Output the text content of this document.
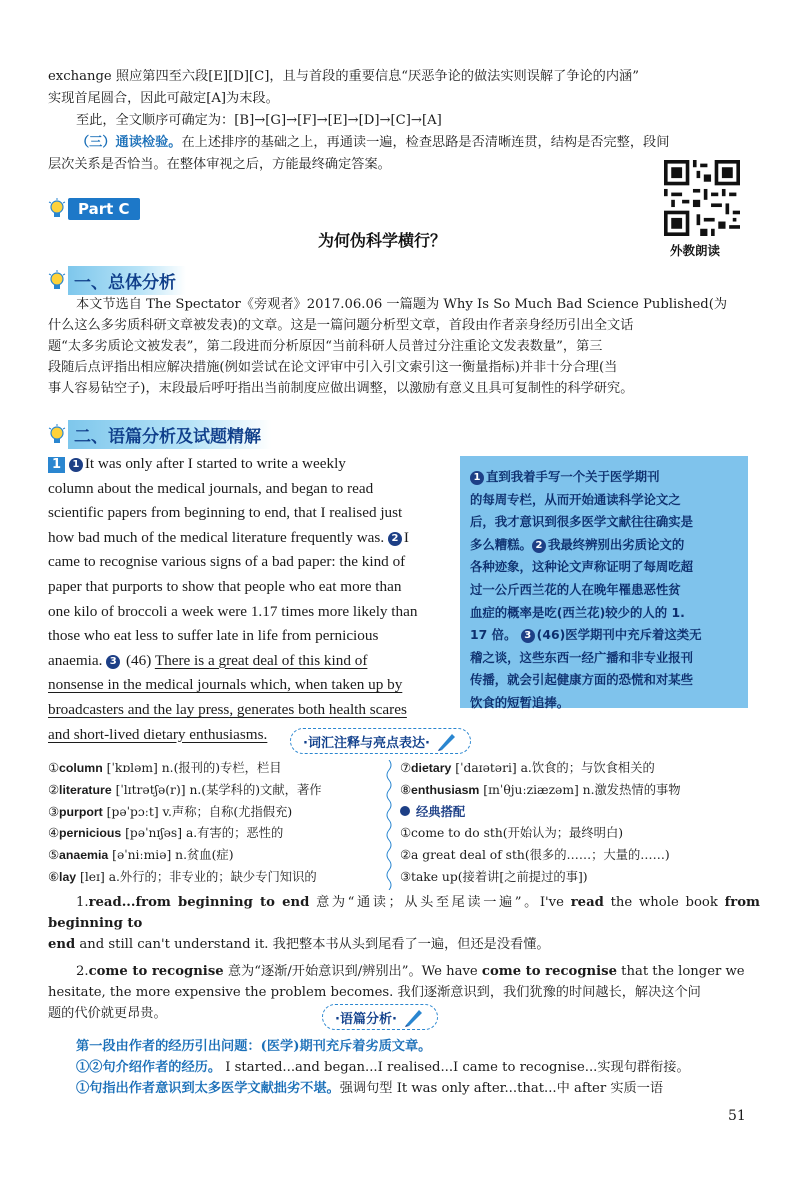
exchange 照应第四至六段[E][D][C]，且与首段的重要信息“厌恶争论的做法实则误解了争论的内涵”

实现首尾圆合，因此可敲定[A]为末段。

至此，全文顺序可确定为：[B]→[G]→[F]→[E]→[D]→[C]→[A]

（三）通读检验。在上述排序的基础之上，再通读一遍，检查思路是否清晰连贯，结构是否完整，段间

层次关系是否恰当。在整体审视之后，方能最终确定答案。

Part C
为何伪科学横行？
外教朗读
一、总体分析

本文节选自 The Spectator《旁观者》2017.06.06 一篇题为 Why Is So Much Bad Science Published(为

什么这么多劣质科研文章被发表)的文章。这是一篇问题分析型文章，首段由作者亲身经历引出全文话

题“太多劣质论文被发表”，第二段进而分析原因“当前科研人员普过分注重论文发表数量”，第三

段随后点评指出相应解决措施(例如尝试在论文评审中引入引文索引这一衡量指标)并非十分合理(当

事人容易钻空子)，末段最后呼吁指出当前制度应做出调整，以激励有意义且具可复制性的科学研究。

二、语篇分析及试题精解

1 1 It was only after I started to write a weekly

column about the medical journals, and began to read

scientific papers from beginning to end, that I realised just

how bad much of the medical literature frequently was. 2 I

came to recognise various signs of a bad paper: the kind of

paper that purports to show that people who eat more than

one kilo of broccoli a week were 1.17 times more likely than

those who eat less to suffer late in life from pernicious

anaemia. 3 (46) There is a great deal of this kind of

nonsense in the medical journals which, when taken up by

broadcasters and the lay press, generates both health scares

and short-lived dietary enthusiasms.

1 直到我着手写一个关于医学期刊
的每周专栏，从而开始通读科学论文之
后，我才意识到很多医学文献往往确实是
多么糟糕。 2 我最终辨别出劣质论文的
各种迹象，这种论文声称证明了每周吃超
过一公斤西兰花的人在晚年罹患恶性贫
血症的概率是吃(西兰花)较少的人的 1.
17 倍。 3 (46)医学期刊中充斥着这类无
稽之谈，这些东西一经广播和非专业报刊
传播，就会引起健康方面的恐慌和对某些
饮食的短暂追捧。
·词汇注释与亮点表达·
①column [ˈkɒləm] n.(报刊的)专栏，栏目
②literature [ˈlɪtrətʃə(r)] n.(某学科的)文献，著作
③purport [pəˈpɔːt] v.声称；自称(尤指假充)
④pernicious [pəˈnɪʃəs] a.有害的；恶性的
⑤anaemia [əˈniːmiə] n.贫血(症)
⑥lay [leɪ] a.外行的；非专业的；缺少专门知识的
⑦dietary [ˈdaɪətəri] a.饮食的；与饮食相关的
⑧enthusiasm [ɪnˈθjuːziæzəm] n.激发热情的事物
经典搭配
①come to do sth(开始认为；最终明白)
②a great deal of sth(很多的……；大量的……)
③take up(接着讲[之前提过的事])

1.read...from beginning to end 意为“通读；从头至尾读一遍”。I've read the whole book from beginning to

end and still can't understand it. 我把整本书从头到尾看了一遍，但还是没看懂。

2.come to recognise 意为“逐渐/开始意识到/辨别出”。We have come to recognise that the longer we

hesitate, the more expensive the problem becomes. 我们逐渐意识到，我们犹豫的时间越长，解决这个问

题的代价就更昂贵。	·语篇分析·

第一段由作者的经历引出问题：(医学)期刊充斥着劣质文章。

①②句介绍作者的经历。 I started...and began...I realised...I came to recognise...实现句群衔接。

①句指出作者意识到太多医学文献拙劣不堪。强调句型 It was only after...that...中 after 实质一语

51
